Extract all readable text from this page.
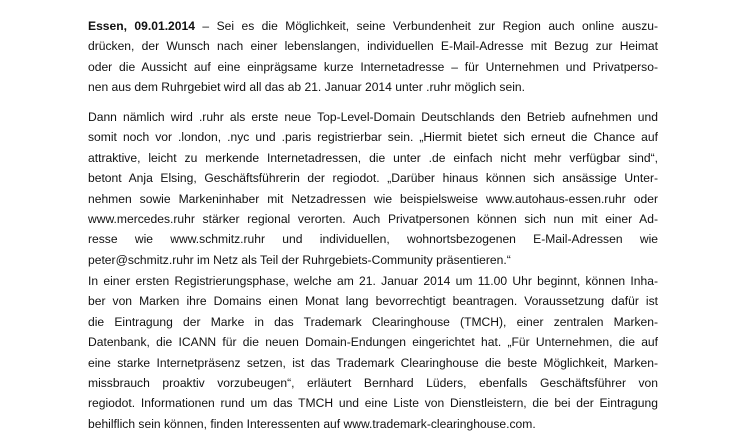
Essen, 09.01.2014 – Sei es die Möglichkeit, seine Verbundenheit zur Region auch online auszu-
drücken, der Wunsch nach einer lebenslangen, individuellen E-Mail-Adresse mit Bezug zur Heimat
oder die Aussicht auf eine einprägsame kurze Internetadresse – für Unternehmen und Privatperso-
nen aus dem Ruhrgebiet wird all das ab 21. Januar 2014 unter .ruhr möglich sein.
Dann nämlich wird .ruhr als erste neue Top-Level-Domain Deutschlands den Betrieb aufnehmen und
somit noch vor .london, .nyc und .paris registrierbar sein. „Hiermit bietet sich erneut die Chance auf
attraktive, leicht zu merkende Internetadressen, die unter .de einfach nicht mehr verfügbar sind“,
betont Anja Elsing, Geschäftsführerin der regiodot. „Darüber hinaus können sich ansässige Unter-
nehmen sowie Markeninhaber mit Netzadressen wie beispielsweise www.autohaus-essen.ruhr oder
www.mercedes.ruhr stärker regional verorten. Auch Privatpersonen können sich nun mit einer Ad-
resse wie www.schmitz.ruhr und individuellen, wohnortsbezogenen E-Mail-Adressen wie
peter@schmitz.ruhr im Netz als Teil der Ruhrgebiets-Community präsentieren.“
In einer ersten Registrierungsphase, welche am 21. Januar 2014 um 11.00 Uhr beginnt, können Inha-
ber von Marken ihre Domains einen Monat lang bevorrechtigt beantragen. Voraussetzung dafür ist
die Eintragung der Marke in das Trademark Clearinghouse (TMCH), einer zentralen Marken-
Datenbank, die ICANN für die neuen Domain-Endungen eingerichtet hat. „Für Unternehmen, die auf
eine starke Internetpräsenz setzen, ist das Trademark Clearinghouse die beste Möglichkeit, Marken-
missbrauch proaktiv vorzubeugen“, erläutert Bernhard Lüders, ebenfalls Geschäftsführer von
regiodot. Informationen rund um das TMCH und eine Liste von Dienstleistern, die bei der Eintragung
behilflich sein können, finden Interessenten auf www.trademark-clearinghouse.com.
